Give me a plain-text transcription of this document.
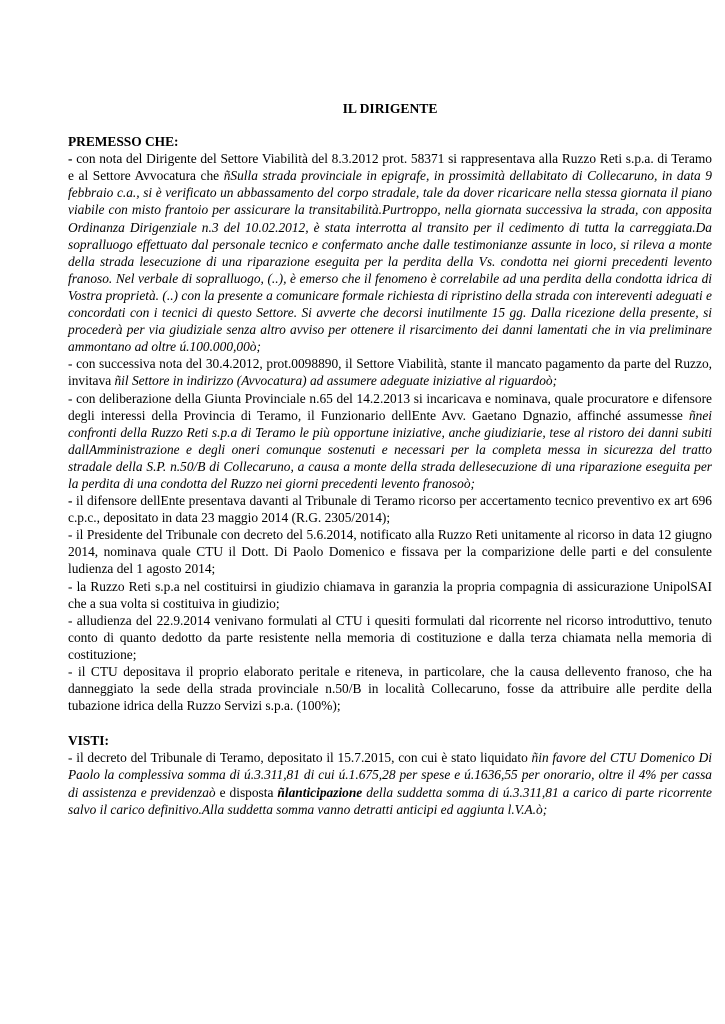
IL DIRIGENTE

PREMESSO CHE:

- con nota del Dirigente del Settore Viabilità del 8.3.2012 prot. 58371 si rappresentava alla Ruzzo Reti s.p.a. di Teramo e al Settore Avvocatura che ñSulla strada provinciale in epigrafe, in prossimità dellabitato di Collecaruno, in data 9 febbraio c.a., si è verificato un abbassamento del corpo stradale, tale da dover ricaricare nella stessa giornata il piano viabile con misto frantoio per assicurare la transitabilità.Purtroppo, nella giornata successiva la strada, con apposita Ordinanza Dirigenziale n.3 del 10.02.2012, è stata interrotta al transito per il cedimento di tutta la carreggiata.Da sopralluogo effettuato dal personale tecnico e confermato anche dalle testimonianze assunte in loco, si rileva a monte della strada lesecuzione di una riparazione eseguita per la perdita della Vs. condotta nei giorni precedenti levento franoso. Nel verbale di sopralluogo, (..), è emerso che il fenomeno è correlabile ad una perdita della condotta idrica di Vostra proprietà. (..) con la presente a comunicare formale richiesta di ripristino della strada con intereventi adeguati e concordati con i tecnici di questo Settore. Si avverte che decorsi inutilmente 15 gg. Dalla ricezione della presente, si procederà per via giudiziale senza altro avviso per ottenere il risarcimento dei danni lamentati che in via preliminare ammontano ad oltre ú.100.000,00ò;

- con successiva nota del 30.4.2012, prot.0098890, il Settore Viabilità, stante il mancato pagamento da parte del Ruzzo, invitava ñil Settore in indirizzo (Avvocatura) ad assumere adeguate iniziative al riguardoò;

- con deliberazione della Giunta Provinciale n.65 del 14.2.2013 si incaricava e nominava, quale procuratore e difensore degli interessi della Provincia di Teramo, il Funzionario dellEnte Avv. Gaetano Dgnazio, affinché assumesse ñnei confronti della Ruzzo Reti s.p.a di Teramo le più opportune iniziative, anche giudiziarie, tese al ristoro dei danni subiti dallAmministrazione e degli oneri comunque sostenuti e necessari per la completa messa in sicurezza del tratto stradale della S.P. n.50/B di Collecaruno, a causa a monte della strada dellesecuzione di una riparazione eseguita per la perdita di una condotta del Ruzzo nei giorni precedenti levento franosoò;

- il difensore dellEnte presentava davanti al Tribunale di Teramo ricorso per accertamento tecnico preventivo ex art 696 c.p.c., depositato in data 23 maggio 2014 (R.G. 2305/2014);

- il Presidente del Tribunale con decreto del 5.6.2014, notificato alla Ruzzo Reti unitamente al ricorso in data 12 giugno 2014, nominava quale CTU il Dott. Di Paolo Domenico e fissava per la comparizione delle parti e del consulente ludienza del 1 agosto 2014;

- la Ruzzo Reti s.p.a nel costituirsi in giudizio chiamava in garanzia la propria compagnia di assicurazione UnipolSAI che a sua volta si costituiva in giudizio;

- alludienza del 22.9.2014 venivano formulati al CTU i quesiti formulati dal ricorrente nel ricorso introduttivo, tenuto conto di quanto dedotto da parte resistente nella memoria di costituzione e dalla terza chiamata nella memoria di costituzione;

- il CTU depositava il proprio elaborato peritale e riteneva, in particolare, che la causa dellevento franoso, che ha danneggiato la sede della strada provinciale n.50/B in località Collecaruno, fosse da attribuire alle perdite della tubazione idrica della Ruzzo Servizi s.p.a. (100%);

VISTI:

- il decreto del Tribunale di Teramo, depositato il 15.7.2015, con cui è stato liquidato ñin favore del CTU Domenico Di Paolo la complessiva somma di ú.3.311,81 di cui ú.1.675,28 per spese e ú.1636,55 per onorario, oltre il 4% per cassa di assistenza e previdenzaò e disposta ñlanticipazione della suddetta somma di ú.3.311,81 a carico di parte ricorrente salvo il carico definitivo.Alla suddetta somma vanno detratti anticipi ed aggiunta l.V.A.ò;
